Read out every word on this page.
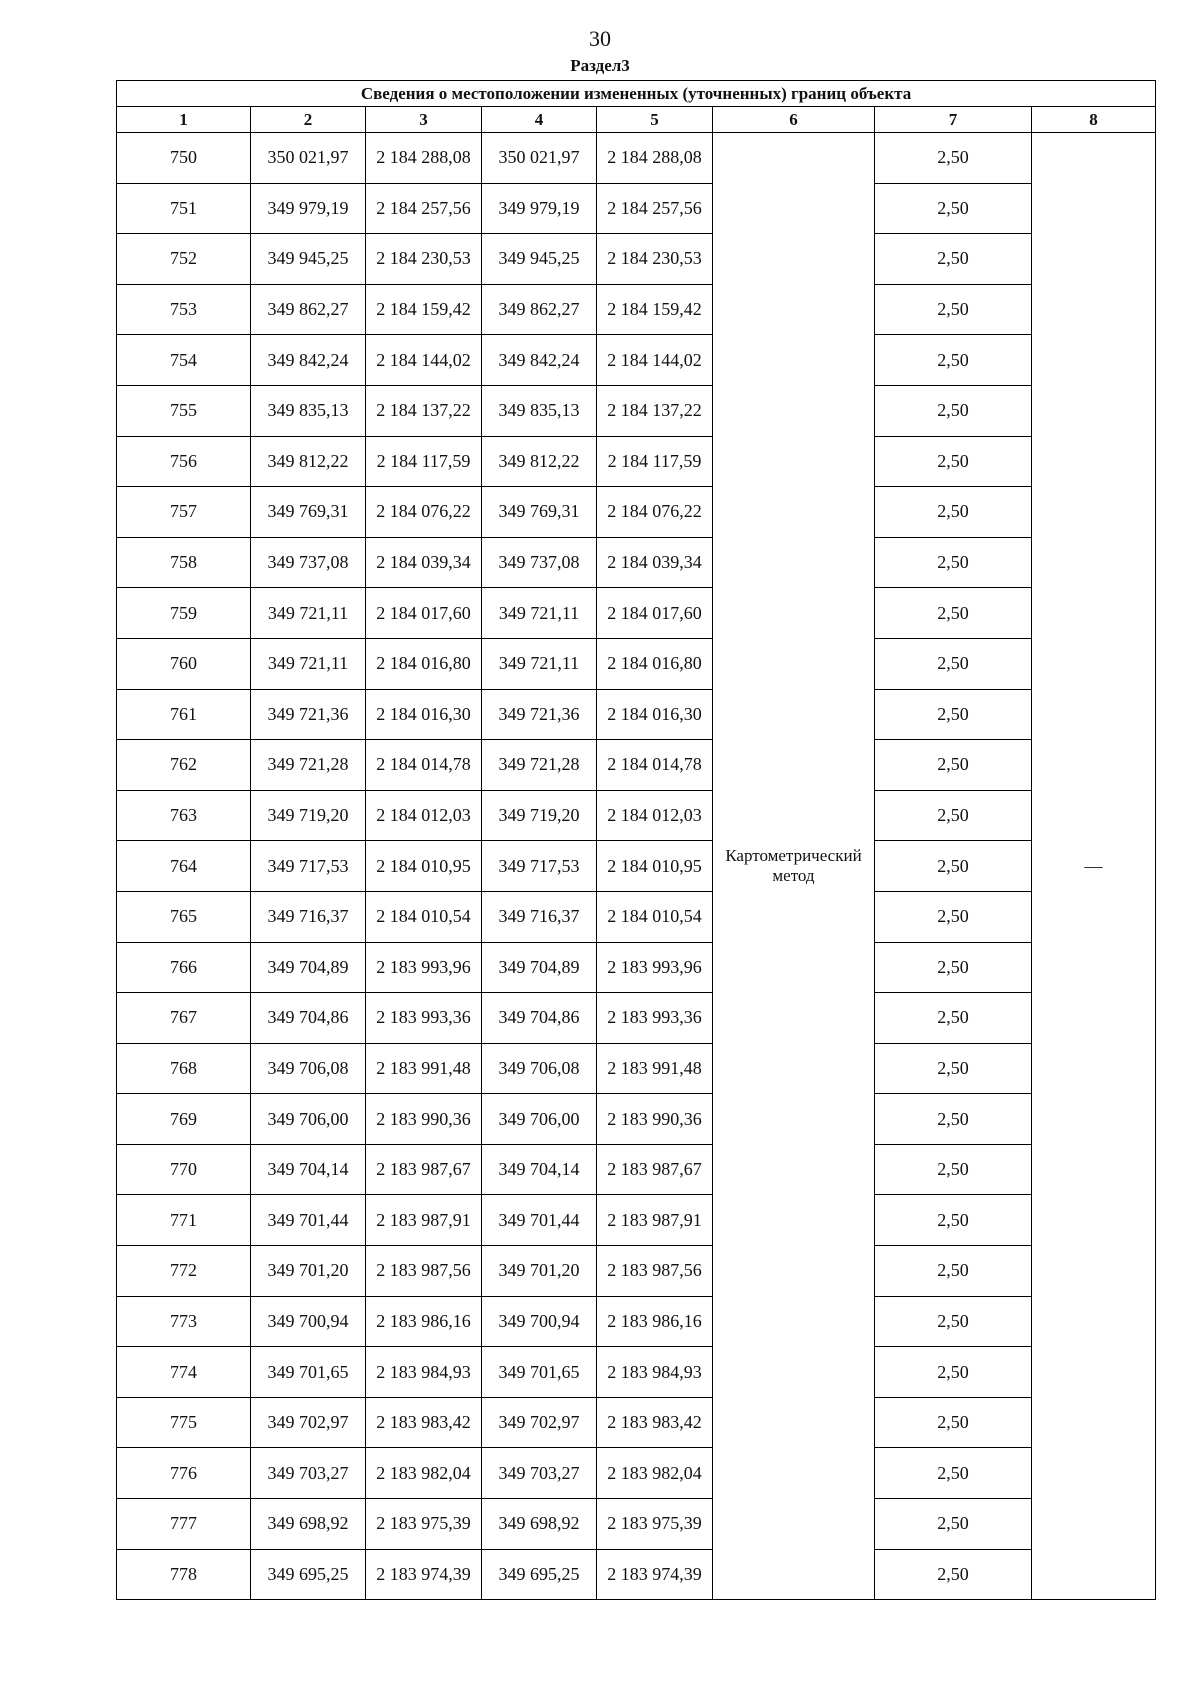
30
Раздел3
Сведения о местоположении измененных (уточненных) границ объекта							
1	2	3	4	5	6	7	8
750	350 021,97	2 184 288,08	350 021,97	2 184 288,08	Картометрический метод	2,50	—
751	349 979,19	2 184 257,56	349 979,19	2 184 257,56		2,50	
752	349 945,25	2 184 230,53	349 945,25	2 184 230,53		2,50	
753	349 862,27	2 184 159,42	349 862,27	2 184 159,42		2,50	
754	349 842,24	2 184 144,02	349 842,24	2 184 144,02		2,50	
755	349 835,13	2 184 137,22	349 835,13	2 184 137,22		2,50	
756	349 812,22	2 184 117,59	349 812,22	2 184 117,59		2,50	
757	349 769,31	2 184 076,22	349 769,31	2 184 076,22		2,50	
758	349 737,08	2 184 039,34	349 737,08	2 184 039,34		2,50	
759	349 721,11	2 184 017,60	349 721,11	2 184 017,60		2,50	
760	349 721,11	2 184 016,80	349 721,11	2 184 016,80		2,50	
761	349 721,36	2 184 016,30	349 721,36	2 184 016,30		2,50	
762	349 721,28	2 184 014,78	349 721,28	2 184 014,78		2,50	
763	349 719,20	2 184 012,03	349 719,20	2 184 012,03		2,50	
764	349 717,53	2 184 010,95	349 717,53	2 184 010,95		2,50	
765	349 716,37	2 184 010,54	349 716,37	2 184 010,54		2,50	
766	349 704,89	2 183 993,96	349 704,89	2 183 993,96		2,50	
767	349 704,86	2 183 993,36	349 704,86	2 183 993,36		2,50	
768	349 706,08	2 183 991,48	349 706,08	2 183 991,48		2,50	
769	349 706,00	2 183 990,36	349 706,00	2 183 990,36		2,50	
770	349 704,14	2 183 987,67	349 704,14	2 183 987,67		2,50	
771	349 701,44	2 183 987,91	349 701,44	2 183 987,91		2,50	
772	349 701,20	2 183 987,56	349 701,20	2 183 987,56		2,50	
773	349 700,94	2 183 986,16	349 700,94	2 183 986,16		2,50	
774	349 701,65	2 183 984,93	349 701,65	2 183 984,93		2,50	
775	349 702,97	2 183 983,42	349 702,97	2 183 983,42		2,50	
776	349 703,27	2 183 982,04	349 703,27	2 183 982,04		2,50	
777	349 698,92	2 183 975,39	349 698,92	2 183 975,39		2,50	
778	349 695,25	2 183 974,39	349 695,25	2 183 974,39		2,50	
